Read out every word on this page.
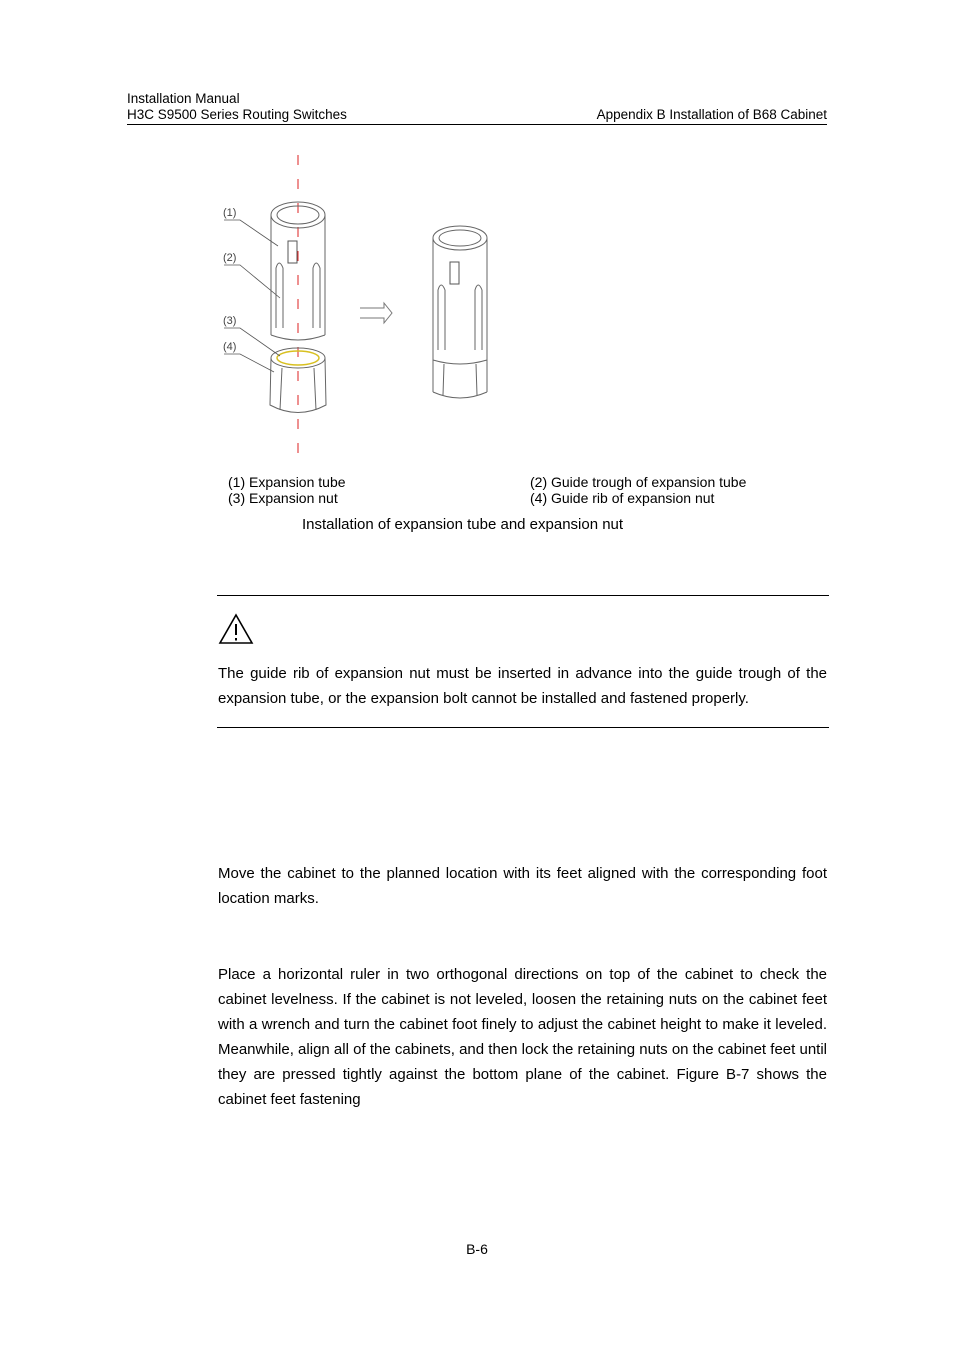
Installation Manual
H3C S9500 Series Routing Switches	Appendix B Installation of B68 Cabinet
(1)
(2)
(3)
(4)
(1) Expansion tube	(2) Guide trough of expansion tube
(3) Expansion nut	(4) Guide rib of expansion nut
Installation of expansion tube and expansion nut
The guide rib of expansion nut must be inserted in advance into the guide trough of the expansion tube, or the expansion bolt cannot be installed and fastened properly.
Move the cabinet to the planned location with its feet aligned with the corresponding foot location marks.
Place a horizontal ruler in two orthogonal directions on top of the cabinet to check the cabinet levelness. If the cabinet is not leveled, loosen the retaining nuts on the cabinet feet with a wrench and turn the cabinet foot finely to adjust the cabinet height to make it leveled. Meanwhile, align all of the cabinets, and then lock the retaining nuts on the cabinet feet until they are pressed tightly against the bottom plane of the cabinet. Figure B-7 shows the cabinet feet fastening
B-6
